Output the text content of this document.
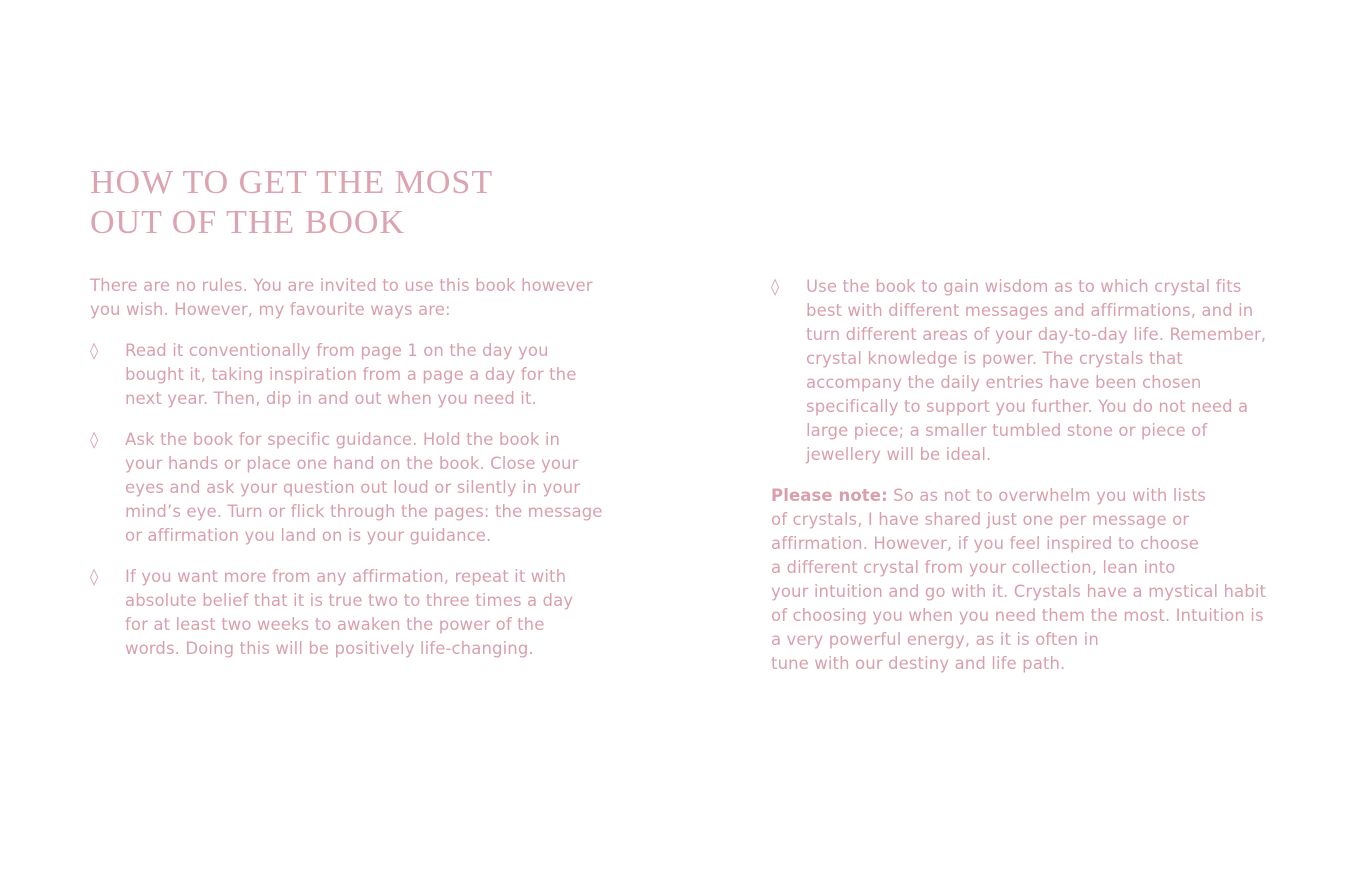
HOW TO GET THE MOST
OUT OF THE BOOK

There are no rules. You are invited to use this book however
you wish. However, my favourite ways are:

◊ Read it conventionally from page 1 on the day you
bought it, taking inspiration from a page a day for the
next year. Then, dip in and out when you need it.
◊ Ask the book for specific guidance. Hold the book in
your hands or place one hand on the book. Close your
eyes and ask your question out loud or silently in your
mind’s eye. Turn or flick through the pages: the message
or affirmation you land on is your guidance.
◊ If you want more from any affirmation, repeat it with
absolute belief that it is true two to three times a day
for at least two weeks to awaken the power of the
words. Doing this will be positively life-changing.
◊ Use the book to gain wisdom as to which crystal fits
best with different messages and affirmations, and in
turn different areas of your day-to-day life. Remember,
crystal knowledge is power. The crystals that
accompany the daily entries have been chosen
specifically to support you further. You do not need a
large piece; a smaller tumbled stone or piece of
jewellery will be ideal.
Please note: So as not to overwhelm you with lists
of crystals, I have shared just one per message or
affirmation. However, if you feel inspired to choose
a different crystal from your collection, lean into
your intuition and go with it. Crystals have a mystical habit
of choosing you when you need them the most. Intuition is
a very powerful energy, as it is often in
tune with our destiny and life path.
